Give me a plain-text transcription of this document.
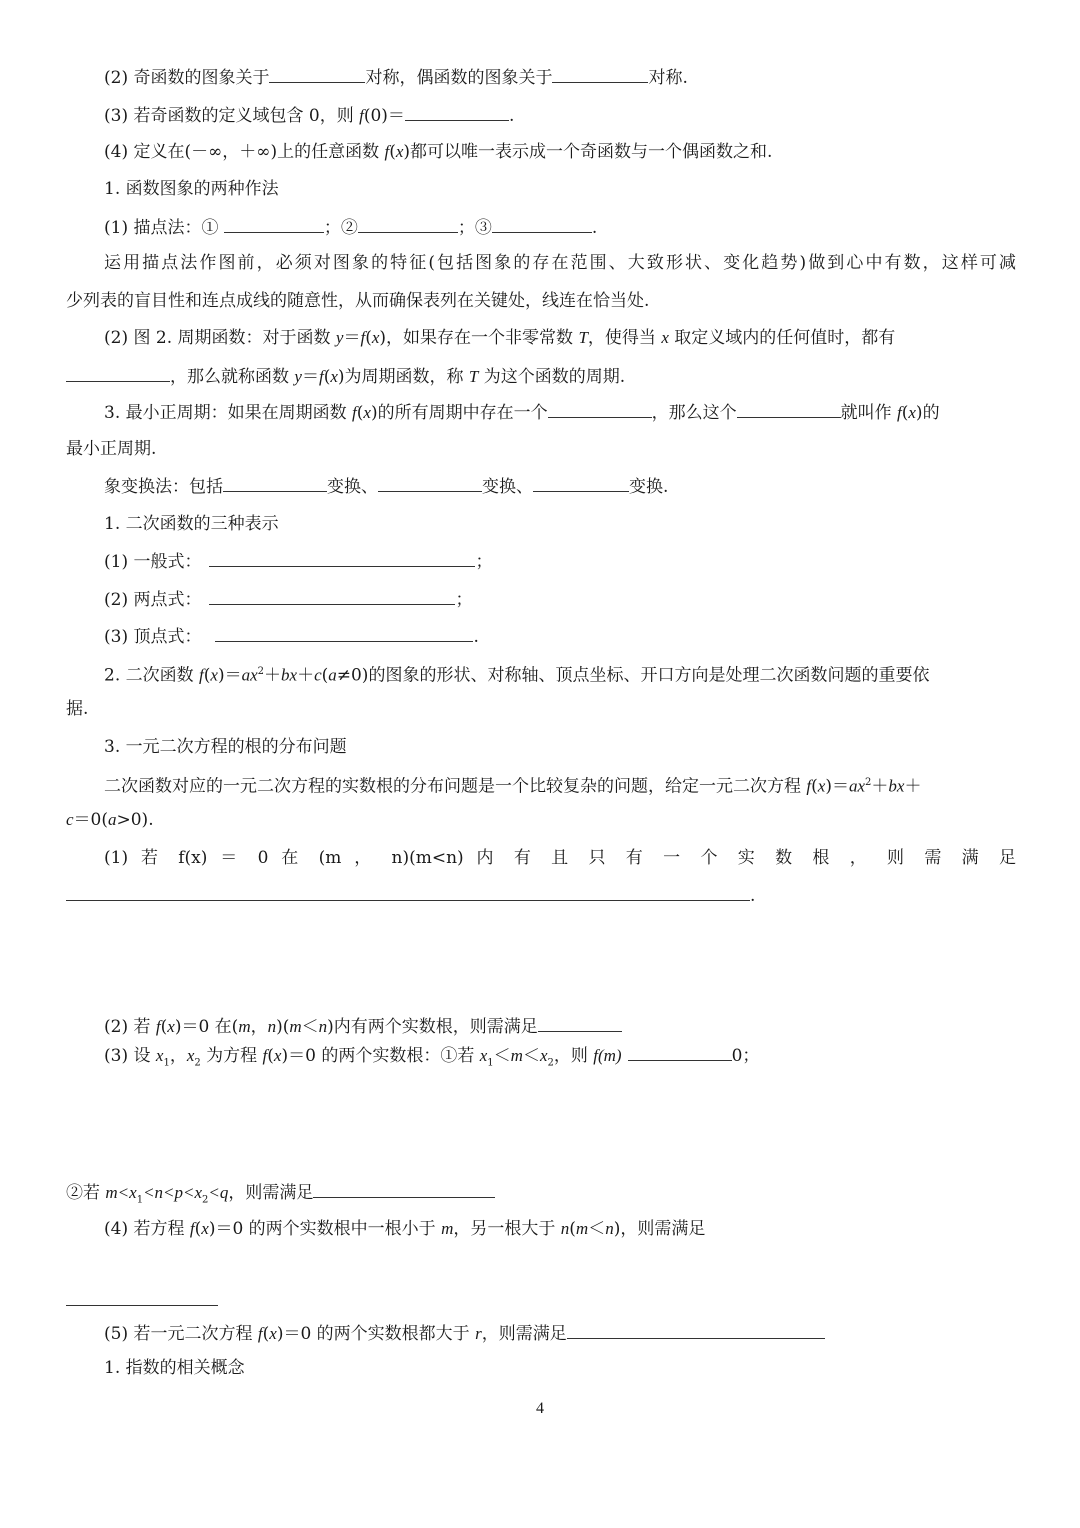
(2) 奇函数的图象关于	对称，偶函数的图象关于	对称.
(3) 若奇函数的定义域包含 0，则 f(0)＝	.
(4) 定义在(－∞，＋∞)上的任意函数 f(x)都可以唯一表示成一个奇函数与一个偶函数之和.
1. 函数图象的两种作法
(1) 描点法：①	；②	；③	.
运用描点法作图前，必须对图象的特征(包括图象的存在范围、大致形状、变化趋势)做到心中有数，这样可减
少列表的盲目性和连点成线的随意性，从而确保表列在关键处，线连在恰当处.
(2) 图 2. 周期函数：对于函数 y＝f(x)，如果存在一个非零常数 T，使得当 x 取定义域内的任何值时，都有
，那么就称函数 y＝f(x)为周期函数，称 T 为这个函数的周期.
3. 最小正周期：如果在周期函数 f(x)的所有周期中存在一个	，那么这个	就叫作 f(x)的
最小正周期.
象变换法：包括	变换、	变换、	变换.
1. 二次函数的三种表示
(1) 一般式：	；
(2) 两点式：	；
(3) 顶点式：	.
2. 二次函数 $f(x)=ax^2+bx+c(a\ne 0)$的图象的形状、对称轴、顶点坐标、开口方向是处理二次函数问题的重要依
据.
3. 一元二次方程的根的分布问题
二次函数对应的一元二次方程的实数根的分布问题是一个比较复杂的问题，给定一元二次方程 $f(x)=ax^2+bx+$
c＝0(a>0).
(1) 若 f(x) ＝ 0 在 (m ， n)(m<n) 内 有 且 只 有 一 个 实 数 根 ， 则 需 满 足
.
(2) 若 f(x)＝0 在(m，n)(m＜n)内有两个实数根，则需满足
(3) 设 $x_1$，$x_2$ 为方程 f(x)＝0 的两个实数根：①若 $x_1<m<x_2$，则 f(m)	0；
②若 $m<x_1<n<p<x_2<q$，则需满足
(4) 若方程 f(x)＝0 的两个实数根中一根小于 m，另一根大于 n(m＜n)，则需满足
(5) 若一元二次方程 f(x)＝0 的两个实数根都大于 r，则需满足
1. 指数的相关概念
4
